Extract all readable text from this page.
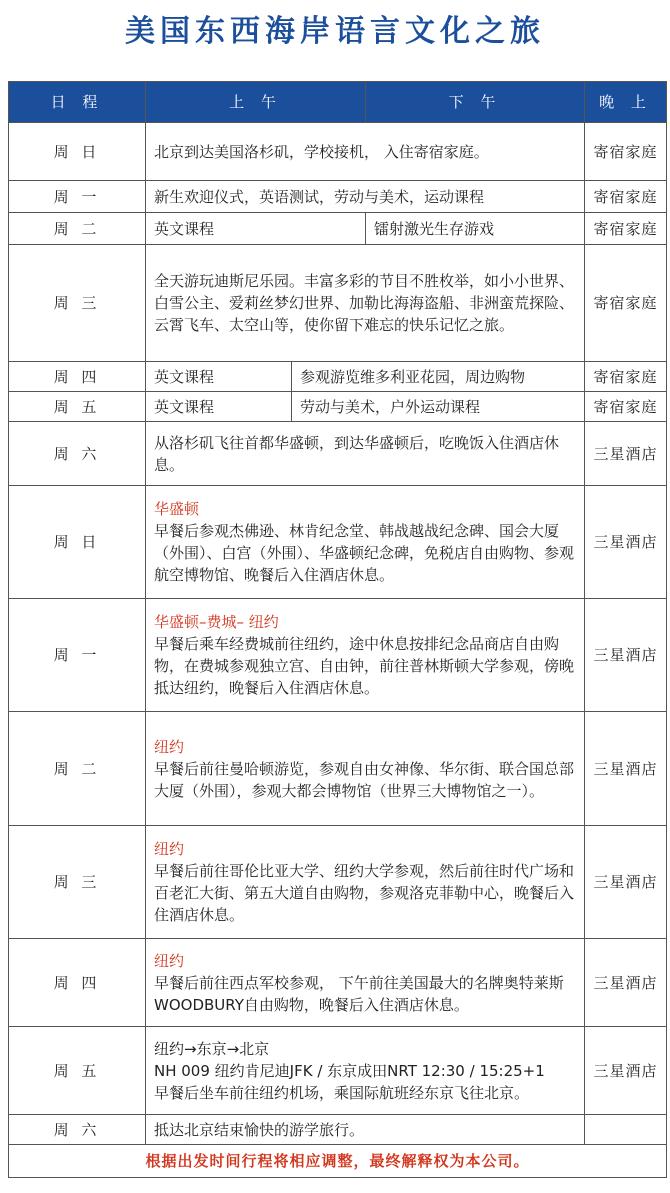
美国东西海岸语言文化之旅
日 程	上 午		下 午	晚 上
周 日	北京到达美国洛杉矶，学校接机， 入住寄宿家庭。			寄宿家庭
周 一	新生欢迎仪式，英语测试，劳动与美术，运动课程			寄宿家庭
周 二	英文课程		镭射激光生存游戏	寄宿家庭
周 三	全天游玩迪斯尼乐园。丰富多彩的节目不胜枚举，如小小世界、白雪公主、爱莉丝梦幻世界、加勒比海海盗船、非洲蛮荒探险、云霄飞车、太空山等，使你留下难忘的快乐记忆之旅。			寄宿家庭
周 四	英文课程	参观游览维多利亚花园，周边购物		寄宿家庭
周 五	英文课程	劳动与美术，户外运动课程		寄宿家庭
周 六	从洛杉矶飞往首都华盛顿，到达华盛顿后，吃晚饭入住酒店休息。			三星酒店
周 日	华盛顿
早餐后参观杰佛逊、林肯纪念堂、韩战越战纪念碑、国会大厦（外围）、白宫（外围）、华盛顿纪念碑，免税店自由购物、参观航空博物馆、晚餐后入住酒店休息。			三星酒店
周 一	华盛顿–费城– 纽约
早餐后乘车经费城前往纽约，途中休息按排纪念品商店自由购物，在费城参观独立宫、自由钟，前往普林斯顿大学参观，傍晚抵达纽约，晚餐后入住酒店休息。			三星酒店
周 二	纽约
早餐后前往曼哈顿游览，参观自由女神像、华尔街、联合国总部大厦（外围），参观大都会博物馆（世界三大博物馆之一）。			三星酒店
周 三	纽约
早餐后前往哥伦比亚大学、纽约大学参观，然后前往时代广场和百老汇大街、第五大道自由购物，参观洛克菲勒中心，晚餐后入住酒店休息。			三星酒店
周 四	纽约
早餐后前往西点军校参观， 下午前往美国最大的名牌奥特莱斯WOODBURY自由购物，晚餐后入住酒店休息。			三星酒店
周 五	纽约→东京→北京
NH 009 纽约肯尼迪JFK / 东京成田NRT 12:30 / 15:25+1
早餐后坐车前往纽约机场，乘国际航班经东京飞往北京。			三星酒店
周 六	抵达北京结束愉快的游学旅行。			
根据出发时间行程将相应调整，最终解释权为本公司。				
